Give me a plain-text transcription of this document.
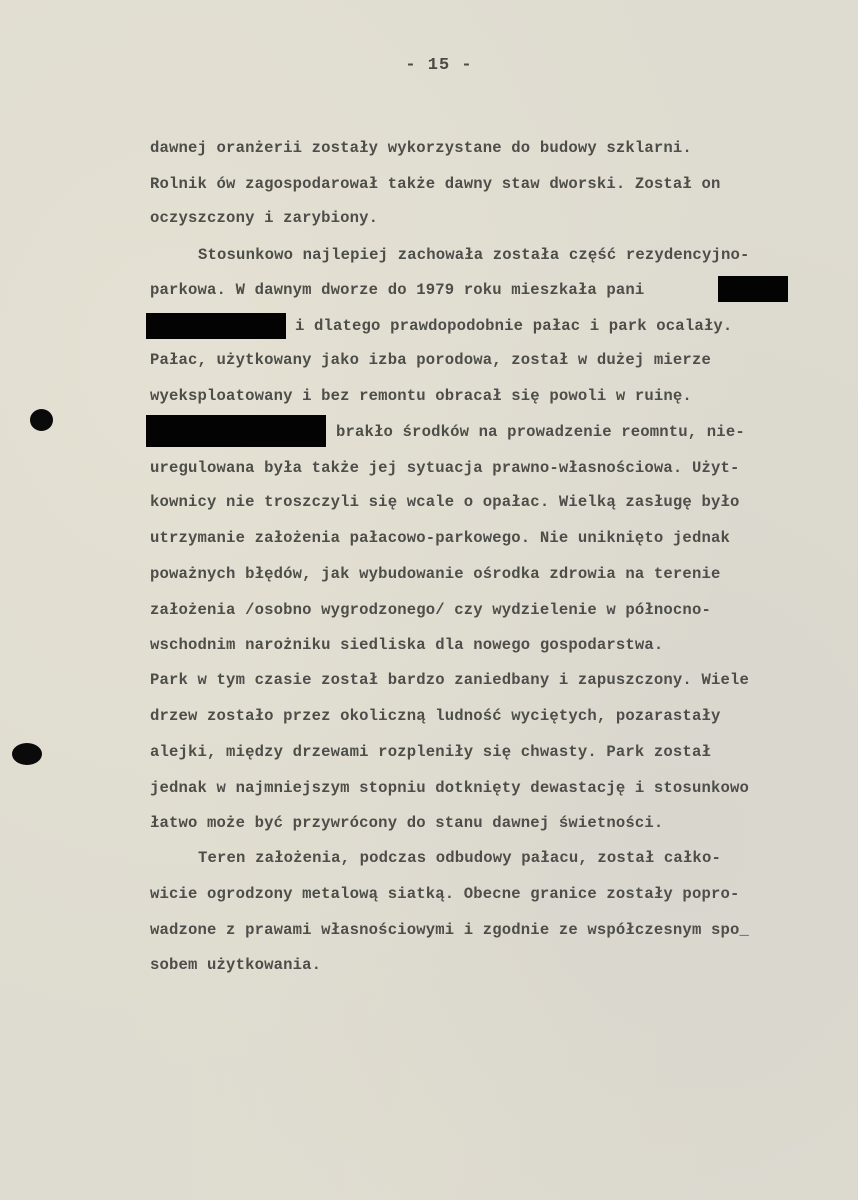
- 15 -
dawnej oranżerii zostały wykorzystane do budowy szklarni.
Rolnik ów zagospodarował także dawny staw dworski. Został on
oczyszczony i zarybiony.
Stosunkowo najlepiej zachowała została część rezydencyjno-
parkowa. W dawnym dworze do 1979 roku mieszkała pani
i dlatego prawdopodobnie pałac i park ocalały.
Pałac, użytkowany jako izba porodowa, został w dużej mierze
wyeksploatowany i bez remontu obracał się powoli w ruinę.
brakło środków na prowadzenie reomntu, nie-
uregulowana była także jej sytuacja prawno-własnościowa. Użyt-
kownicy nie troszczyli się wcale o opałac. Wielką zasługę było
utrzymanie założenia pałacowo-parkowego. Nie uniknięto jednak
poważnych błędów, jak wybudowanie ośrodka zdrowia na terenie
założenia /osobno wygrodzonego/ czy wydzielenie w północno-
wschodnim narożniku siedliska dla nowego gospodarstwa.
Park w tym czasie został bardzo zaniedbany i zapuszczony. Wiele
drzew zostało przez okoliczną ludność wyciętych, pozarastały
alejki, między drzewami rozpleniły się chwasty. Park został
jednak w najmniejszym stopniu dotknięty dewastację i stosunkowo
łatwo może być przywrócony do stanu dawnej świetności.
Teren założenia, podczas odbudowy pałacu, został całko-
wicie ogrodzony metalową siatką. Obecne granice zostały popro-
wadzone z prawami własnościowymi i zgodnie ze współczesnym spo_
sobem użytkowania.
